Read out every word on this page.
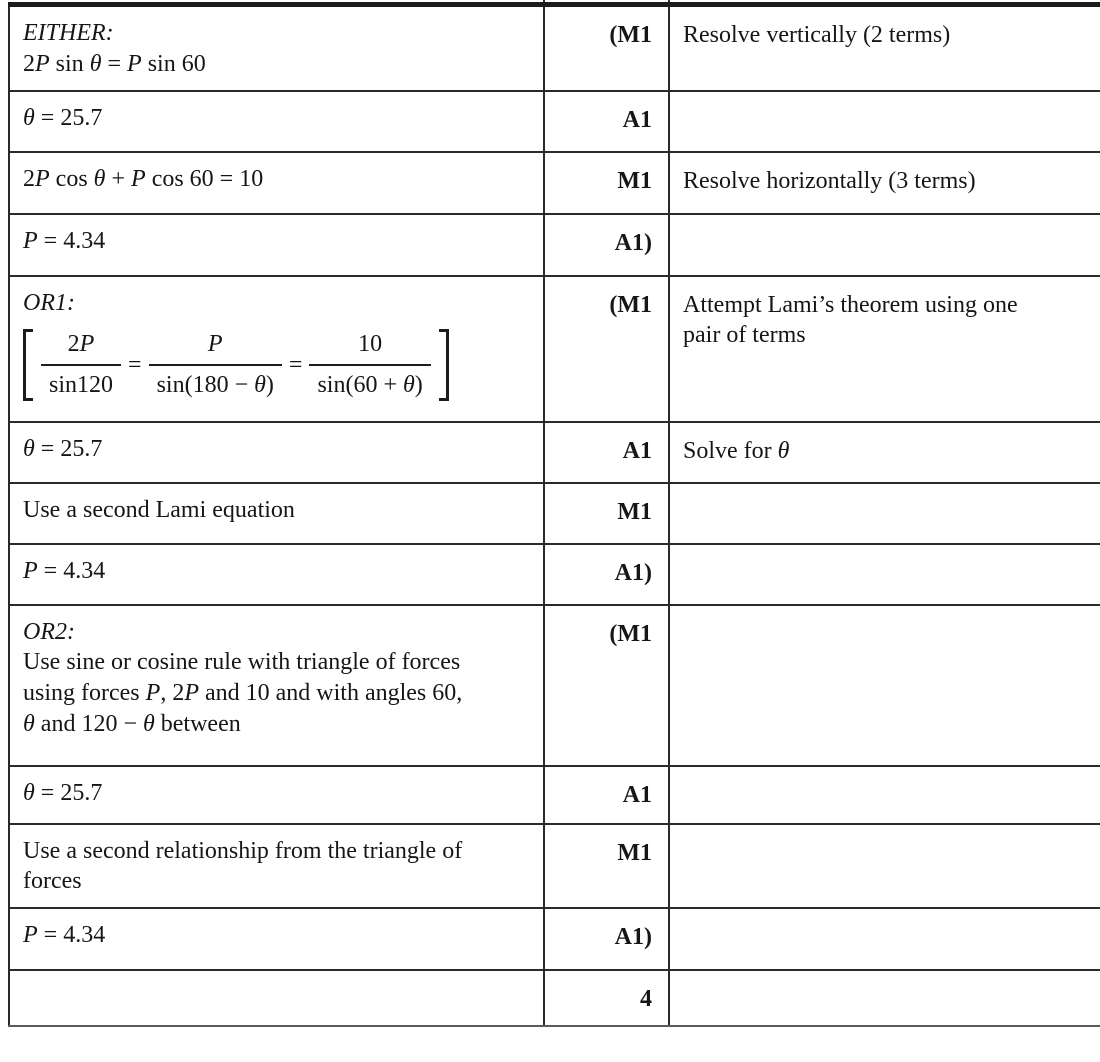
EITHER:
2P sin θ = P sin 60	(M1	Resolve vertically (2 terms)
θ = 25.7	A1	
2P cos θ + P cos 60 = 10	M1	Resolve horizontally (3 terms)
P = 4.34	A1)	

OR1:
$\frac{2P}{\sin 120} = \frac{P}{\sin(180 - \theta)} = \frac{10}{\sin(60 + \theta)}$
	(M1	Attempt Lami’s theorem using one
pair of terms
θ = 25.7	A1	Solve for θ
Use a second Lami equation	M1	
P = 4.34	A1)	
OR2:
Use sine or cosine rule with triangle of forces
using forces P, 2P and 10 and with angles 60,
θ and 120 − θ between	(M1	
θ = 25.7	A1	
Use a second relationship from the triangle of
forces	M1	
P = 4.34	A1)	
	4	
